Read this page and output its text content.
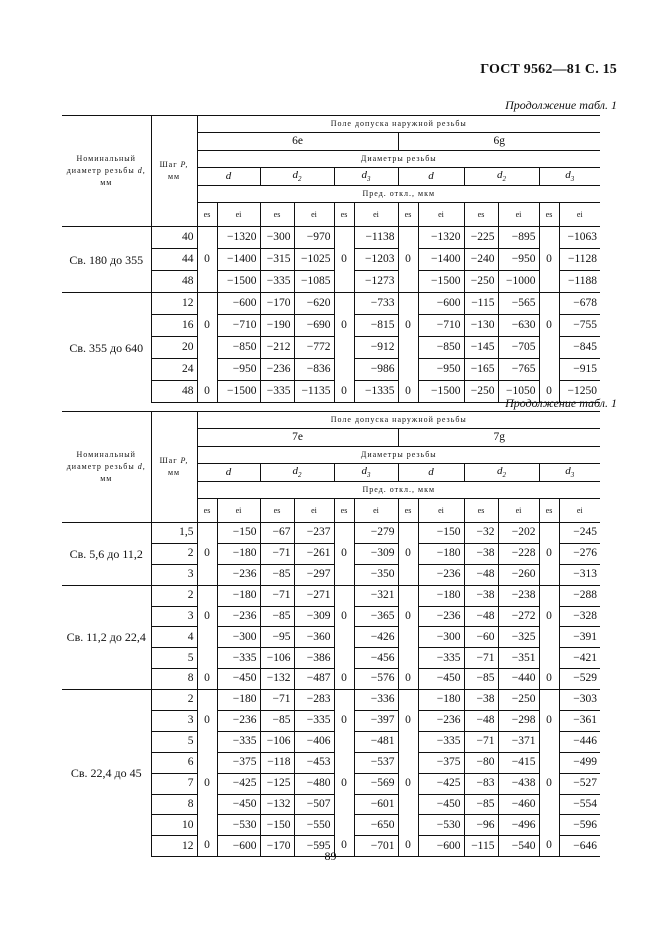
ГОСТ 9562—81 С. 15
Продолжение табл. 1
Номинальный диаметр резьбы d,
мм	Шаг P,
мм	Поле допуска наружной резьбы											
		6e						6g					
		Диаметры резьбы											
		d		$d_2$		$d_3$		d		$d_2$		$d_3$
		Пред. откл., мкм											
		es	ei	es	ei	es	ei	es	ei	es	ei	es	ei
Св. 180 до 355	40		−1320	−300	−970		−1138		−1320	−225	−895		−1063
	44	0	−1400	−315	−1025	0	−1203	0	−1400	−240	−950	0	−1128
	48		−1500	−335	−1085		−1273		−1500	−250	−1000		−1188
Св. 355 до 640	12		−600	−170	−620		−733		−600	−115	−565		−678
	16	0	−710	−190	−690	0	−815	0	−710	−130	−630	0	−755
	20		−850	−212	−772		−912		−850	−145	−705		−845
	24		−950	−236	−836		−986		−950	−165	−765		−915
	48	0	−1500	−335	−1135	0	−1335	0	−1500	−250	−1050	0	−1250
Продолжение табл. 1
Номинальный диаметр резьбы d,
мм	Шаг P,
мм	Поле допуска наружной резьбы											
		7e						7g					
		Диаметры резьбы											
		d		$d_2$		$d_3$		d		$d_2$		$d_3$
		Пред. откл., мкм											
		es	ei	es	ei	es	ei	es	ei	es	ei	es	ei
Св. 5,6 до 11,2	1,5		−150	−67	−237		−279		−150	−32	−202		−245
	2	0	−180	−71	−261	0	−309	0	−180	−38	−228	0	−276
	3		−236	−85	−297		−350		−236	−48	−260		−313
Св. 11,2 до 22,4	2		−180	−71	−271		−321		−180	−38	−238		−288
	3	0	−236	−85	−309	0	−365	0	−236	−48	−272	0	−328
	4		−300	−95	−360		−426		−300	−60	−325		−391
	5		−335	−106	−386		−456		−335	−71	−351		−421
	8	0	−450	−132	−487	0	−576	0	−450	−85	−440	0	−529
Св. 22,4 до 45	2		−180	−71	−283		−336		−180	−38	−250		−303
	3	0	−236	−85	−335	0	−397	0	−236	−48	−298	0	−361
	5		−335	−106	−406		−481		−335	−71	−371		−446
	6		−375	−118	−453		−537		−375	−80	−415		−499
	7	0	−425	−125	−480	0	−569	0	−425	−83	−438	0	−527
	8		−450	−132	−507		−601		−450	−85	−460		−554
	10		−530	−150	−550		−650		−530	−96	−496		−596
	12	0	−600	−170	−595	0	−701	0	−600	−115	−540	0	−646
89
